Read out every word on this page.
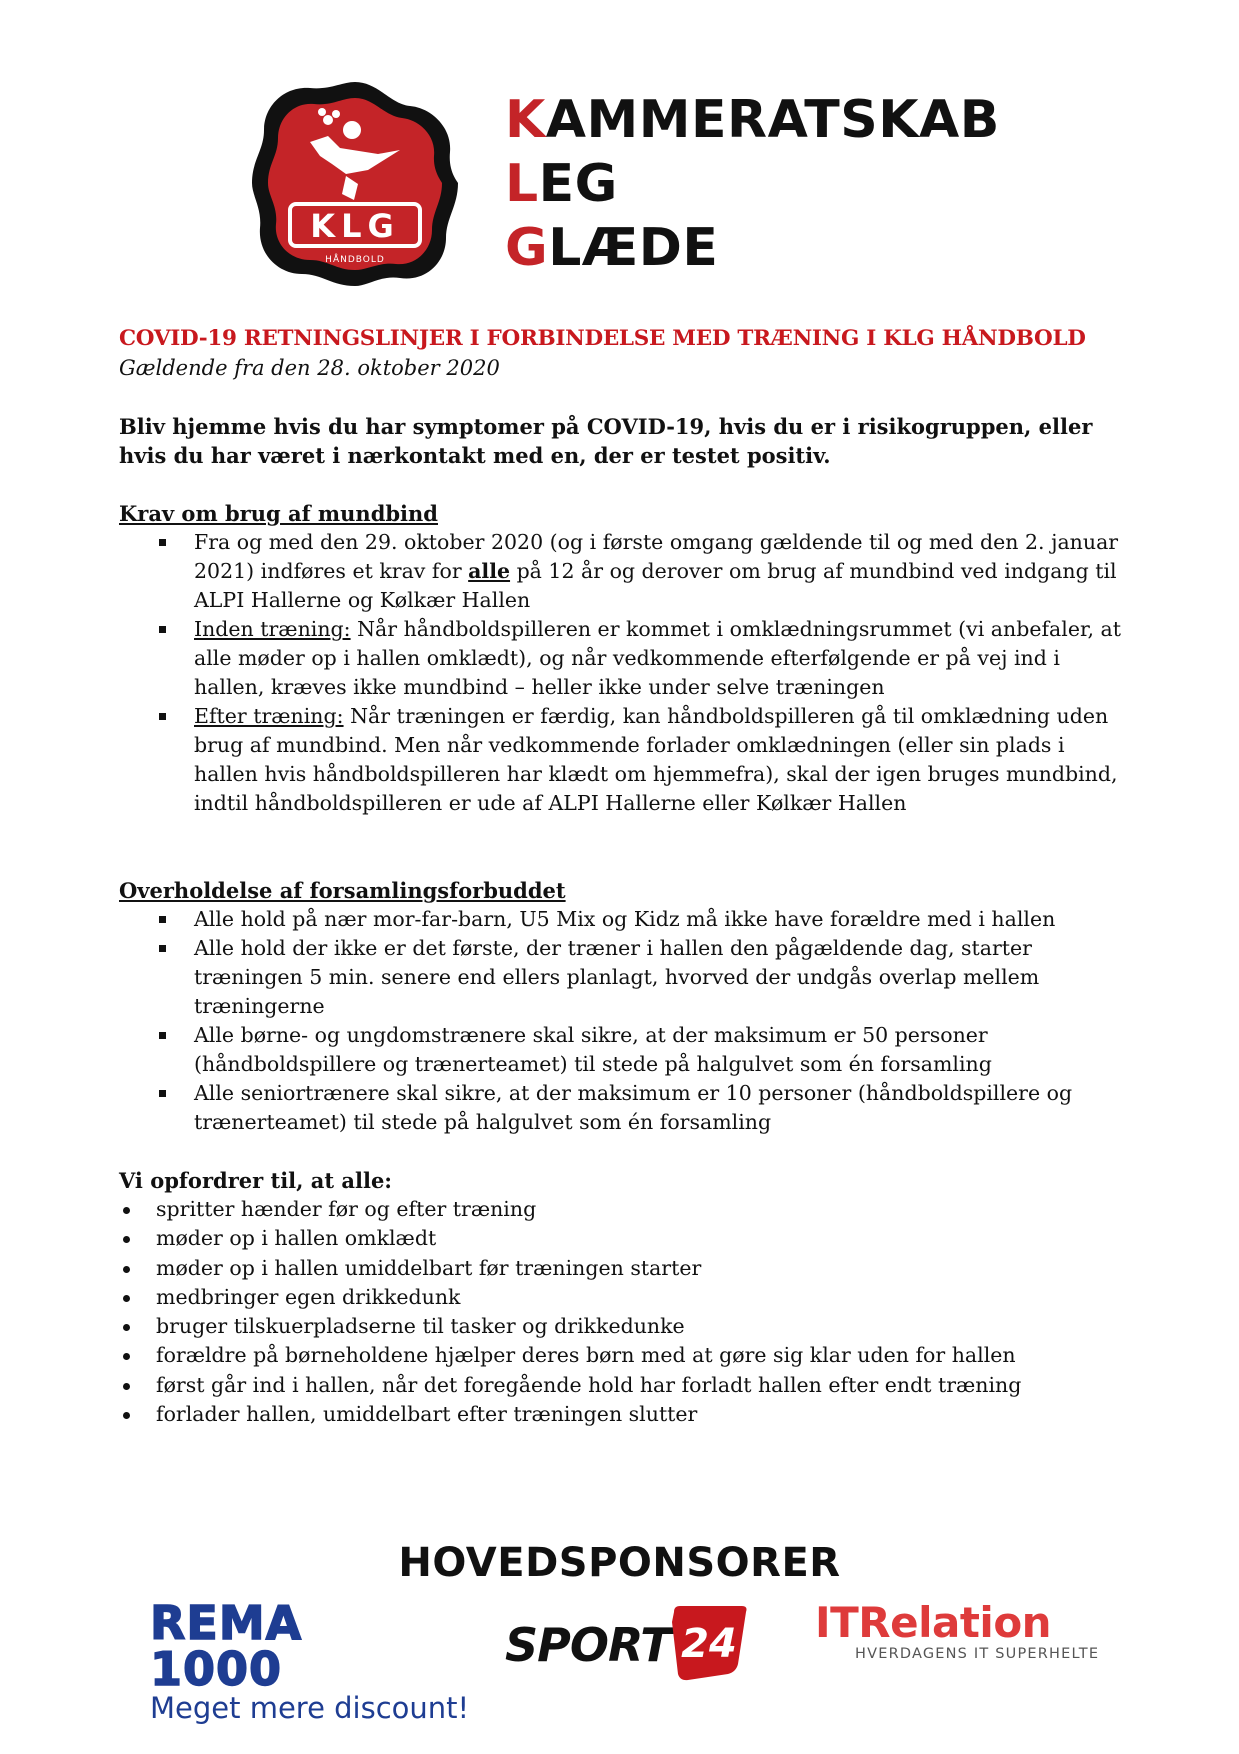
KLG
HÅNDBOLD
KAMMERATSKAB
LEG
GLÆDE
COVID-19 RETNINGSLINJER I FORBINDELSE MED TRÆNING I KLG HÅNDBOLD
Gældende fra den 28. oktober 2020
Bliv hjemme hvis du har symptomer på COVID-19, hvis du er i risikogruppen, eller hvis du har været i nærkontakt med en, der er testet positiv.
Krav om brug af mundbind
Fra og med den 29. oktober 2020 (og i første omgang gældende til og med den 2. januar 2021) indføres et krav for alle på 12 år og derover om brug af mundbind ved indgang til ALPI Hallerne og Kølkær Hallen
Inden træning: Når håndboldspilleren er kommet i omklædningsrummet (vi anbefaler, at alle møder op i hallen omklædt), og når vedkommende efterfølgende er på vej ind i hallen, kræves ikke mundbind – heller ikke under selve træningen
Efter træning: Når træningen er færdig, kan håndboldspilleren gå til omklædning uden brug af mundbind. Men når vedkommende forlader omklædningen (eller sin plads i hallen hvis håndboldspilleren har klædt om hjemmefra), skal der igen bruges mundbind, indtil håndboldspilleren er ude af ALPI Hallerne eller Kølkær Hallen
Overholdelse af forsamlingsforbuddet
Alle hold på nær mor-far-barn, U5 Mix og Kidz må ikke have forældre med i hallen
Alle hold der ikke er det første, der træner i hallen den pågældende dag, starter træningen 5 min. senere end ellers planlagt, hvorved der undgås overlap mellem træningerne
Alle børne- og ungdomstrænere skal sikre, at der maksimum er 50 personer (håndboldspillere og trænerteamet) til stede på halgulvet som én forsamling
Alle seniortrænere skal sikre, at der maksimum er 10 personer (håndboldspillere og trænerteamet) til stede på halgulvet som én forsamling
Vi opfordrer til, at alle:
spritter hænder før og efter træning
møder op i hallen omklædt
møder op i hallen umiddelbart før træningen starter
medbringer egen drikkedunk
bruger tilskuerpladserne til tasker og drikkedunke
forældre på børneholdene hjælper deres børn med at gøre sig klar uden for hallen
først går ind i hallen, når det foregående hold har forladt hallen efter endt træning
forlader hallen, umiddelbart efter træningen slutter
HOVEDSPONSORER
REMA 1000
Meget mere discount!
SPORT 24 ITRelation
HVERDAGENS IT SUPERHELTE
